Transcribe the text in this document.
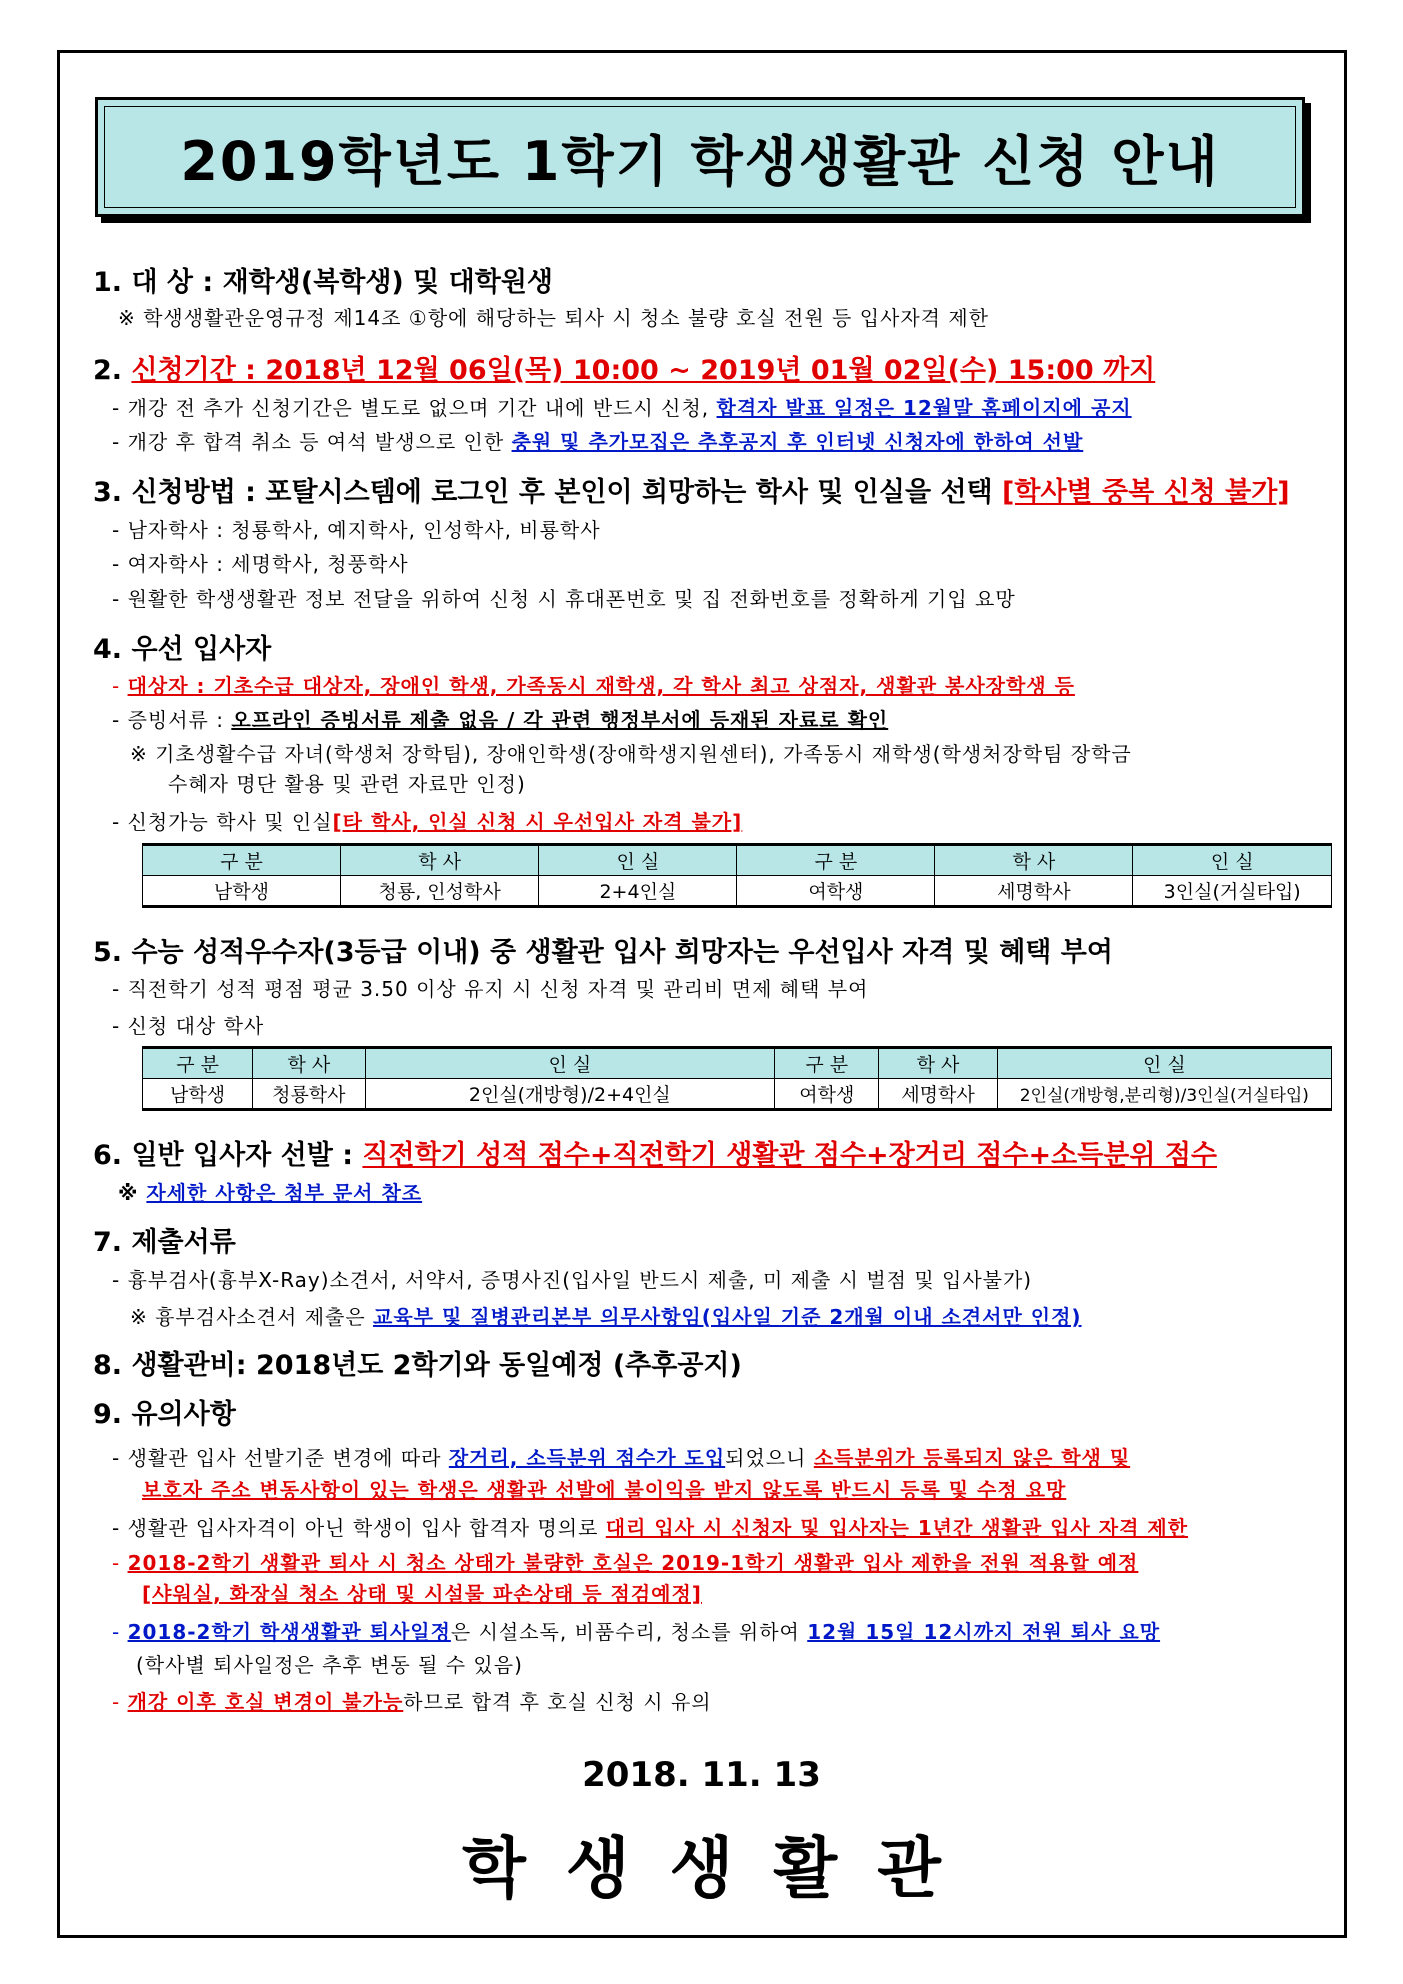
2019학년도 1학기 학생생활관 신청 안내
1. 대 상 : 재학생(복학생) 및 대학원생
※ 학생생활관운영규정 제14조 ①항에 해당하는 퇴사 시 청소 불량 호실 전원 등 입사자격 제한
2. 신청기간 : 2018년 12월 06일(목) 10:00 ~ 2019년 01월 02일(수) 15:00 까지
- 개강 전 추가 신청기간은 별도로 없으며 기간 내에 반드시 신청, 합격자 발표 일정은 12월말 홈페이지에 공지
- 개강 후 합격 취소 등 여석 발생으로 인한 충원 및 추가모집은 추후공지 후 인터넷 신청자에 한하여 선발
3. 신청방법 : 포탈시스템에 로그인 후 본인이 희망하는 학사 및 인실을 선택 [학사별 중복 신청 불가]
- 남자학사 : 청룡학사, 예지학사, 인성학사, 비룡학사
- 여자학사 : 세명학사, 청풍학사
- 원활한 학생생활관 정보 전달을 위하여 신청 시 휴대폰번호 및 집 전화번호를 정확하게 기입 요망
4. 우선 입사자
- 대상자 : 기초수급 대상자, 장애인 학생, 가족동시 재학생, 각 학사 최고 상점자, 생활관 봉사장학생 등
- 증빙서류 : 오프라인 증빙서류 제출 없음 / 각 관련 행정부서에 등재된 자료로 확인
※ 기초생활수급 자녀(학생처 장학팀), 장애인학생(장애학생지원센터), 가족동시 재학생(학생처장학팀 장학금
수혜자 명단 활용 및 관련 자료만 인정)
- 신청가능 학사 및 인실[타 학사, 인실 신청 시 우선입사 자격 불가]
구 분	학 사	인 실	구 분	학 사	인 실
남학생	청룡, 인성학사	2+4인실	여학생	세명학사	3인실(거실타입)
5. 수능 성적우수자(3등급 이내) 중 생활관 입사 희망자는 우선입사 자격 및 혜택 부여
- 직전학기 성적 평점 평균 3.50 이상 유지 시 신청 자격 및 관리비 면제 혜택 부여
- 신청 대상 학사
구 분	학 사	인 실	구 분	학 사	인 실
남학생	청룡학사	2인실(개방형)/2+4인실	여학생	세명학사	2인실(개방형,분리형)/3인실(거실타입)
6. 일반 입사자 선발 : 직전학기 성적 점수+직전학기 생활관 점수+장거리 점수+소득분위 점수
※ 자세한 사항은 첨부 문서 참조
7. 제출서류
- 흉부검사(흉부X-Ray)소견서, 서약서, 증명사진(입사일 반드시 제출, 미 제출 시 벌점 및 입사불가)
※ 흉부검사소견서 제출은 교육부 및 질병관리본부 의무사항임(입사일 기준 2개월 이내 소견서만 인정)
8. 생활관비: 2018년도 2학기와 동일예정 (추후공지)
9. 유의사항
- 생활관 입사 선발기준 변경에 따라 장거리, 소득분위 점수가 도입되었으니 소득분위가 등록되지 않은 학생 및
보호자 주소 변동사항이 있는 학생은 생활관 선발에 불이익을 받지 않도록 반드시 등록 및 수정 요망
- 생활관 입사자격이 아닌 학생이 입사 합격자 명의로 대리 입사 시 신청자 및 입사자는 1년간 생활관 입사 자격 제한
- 2018-2학기 생활관 퇴사 시 청소 상태가 불량한 호실은 2019-1학기 생활관 입사 제한을 전원 적용할 예정
[샤워실, 화장실 청소 상태 및 시설물 파손상태 등 점검예정]
- 2018-2학기 학생생활관 퇴사일정은 시설소독, 비품수리, 청소를 위하여 12월 15일 12시까지 전원 퇴사 요망
(학사별 퇴사일정은 추후 변동 될 수 있음)
- 개강 이후 호실 변경이 불가능하므로 합격 후 호실 신청 시 유의
2018. 11. 13
학생생활관
